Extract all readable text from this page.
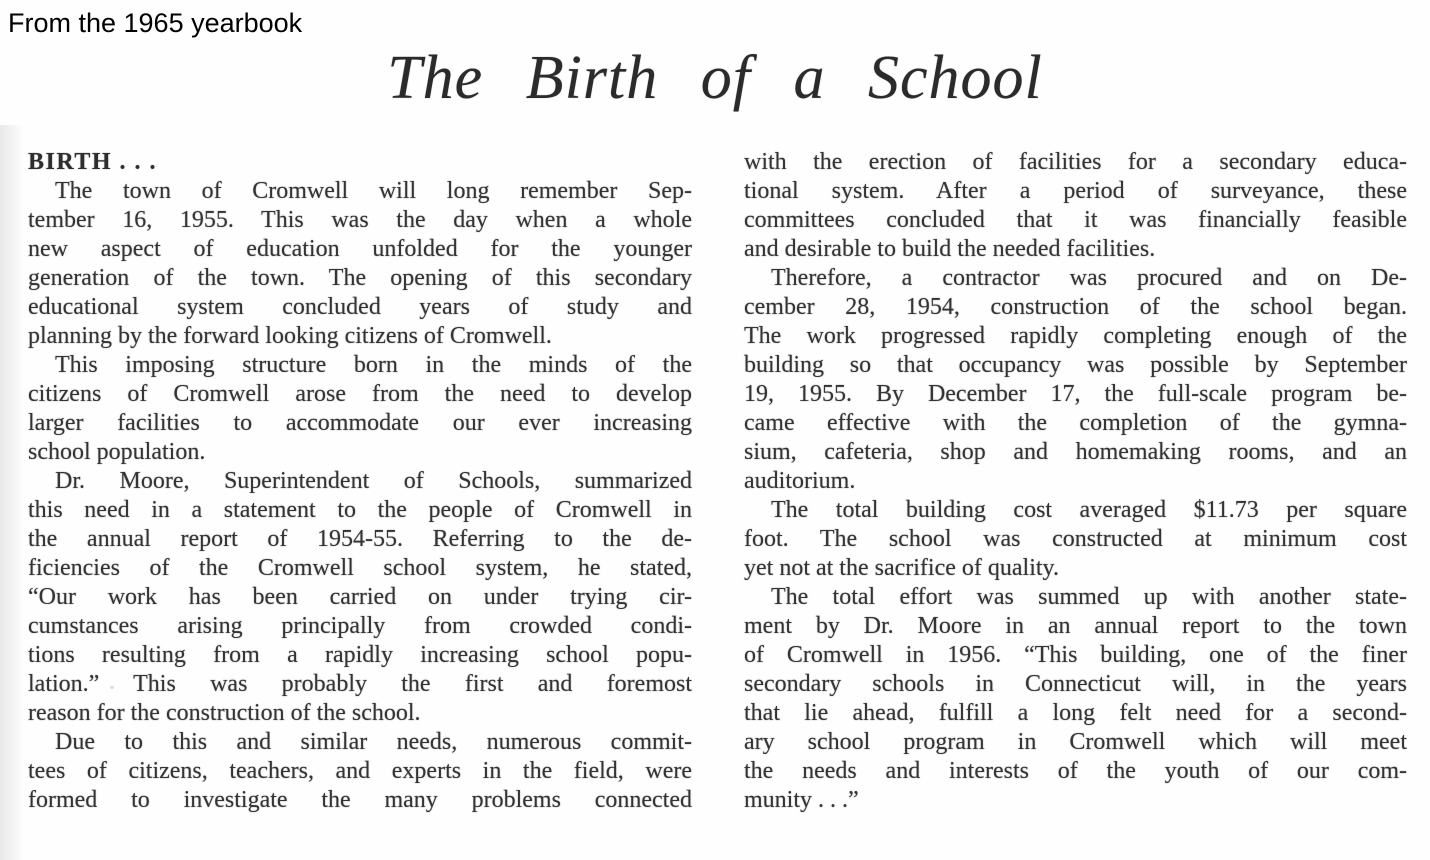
From the 1965 yearbook
The Birth of a School
BIRTH . . .
The town of Cromwell will long remember Sep-
tember 16, 1955. This was the day when a whole
new aspect of education unfolded for the younger
generation of the town. The opening of this secondary
educational system concluded years of study and
planning by the forward looking citizens of Cromwell.
This imposing structure born in the minds of the
citizens of Cromwell arose from the need to develop
larger facilities to accommodate our ever increasing
school population.
Dr. Moore, Superintendent of Schools, summarized
this need in a statement to the people of Cromwell in
the annual report of 1954-55. Referring to the de-
ficiencies of the Cromwell school system, he stated,
“Our work has been carried on under trying cir-
cumstances arising principally from crowded condi-
tions resulting from a rapidly increasing school popu-
lation.” This was probably the first and foremost
reason for the construction of the school.
Due to this and similar needs, numerous commit-
tees of citizens, teachers, and experts in the field, were
formed to investigate the many problems connected
with the erection of facilities for a secondary educa-
tional system. After a period of surveyance, these
committees concluded that it was financially feasible
and desirable to build the needed facilities.
Therefore, a contractor was procured and on De-
cember 28, 1954, construction of the school began.
The work progressed rapidly completing enough of the
building so that occupancy was possible by September
19, 1955. By December 17, the full-scale program be-
came effective with the completion of the gymna-
sium, cafeteria, shop and homemaking rooms, and an
auditorium.
The total building cost averaged $11.73 per square
foot. The school was constructed at minimum cost
yet not at the sacrifice of quality.
The total effort was summed up with another state-
ment by Dr. Moore in an annual report to the town
of Cromwell in 1956. “This building, one of the finer
secondary schools in Connecticut will, in the years
that lie ahead, fulfill a long felt need for a second-
ary school program in Cromwell which will meet
the needs and interests of the youth of our com-
munity . . .”
